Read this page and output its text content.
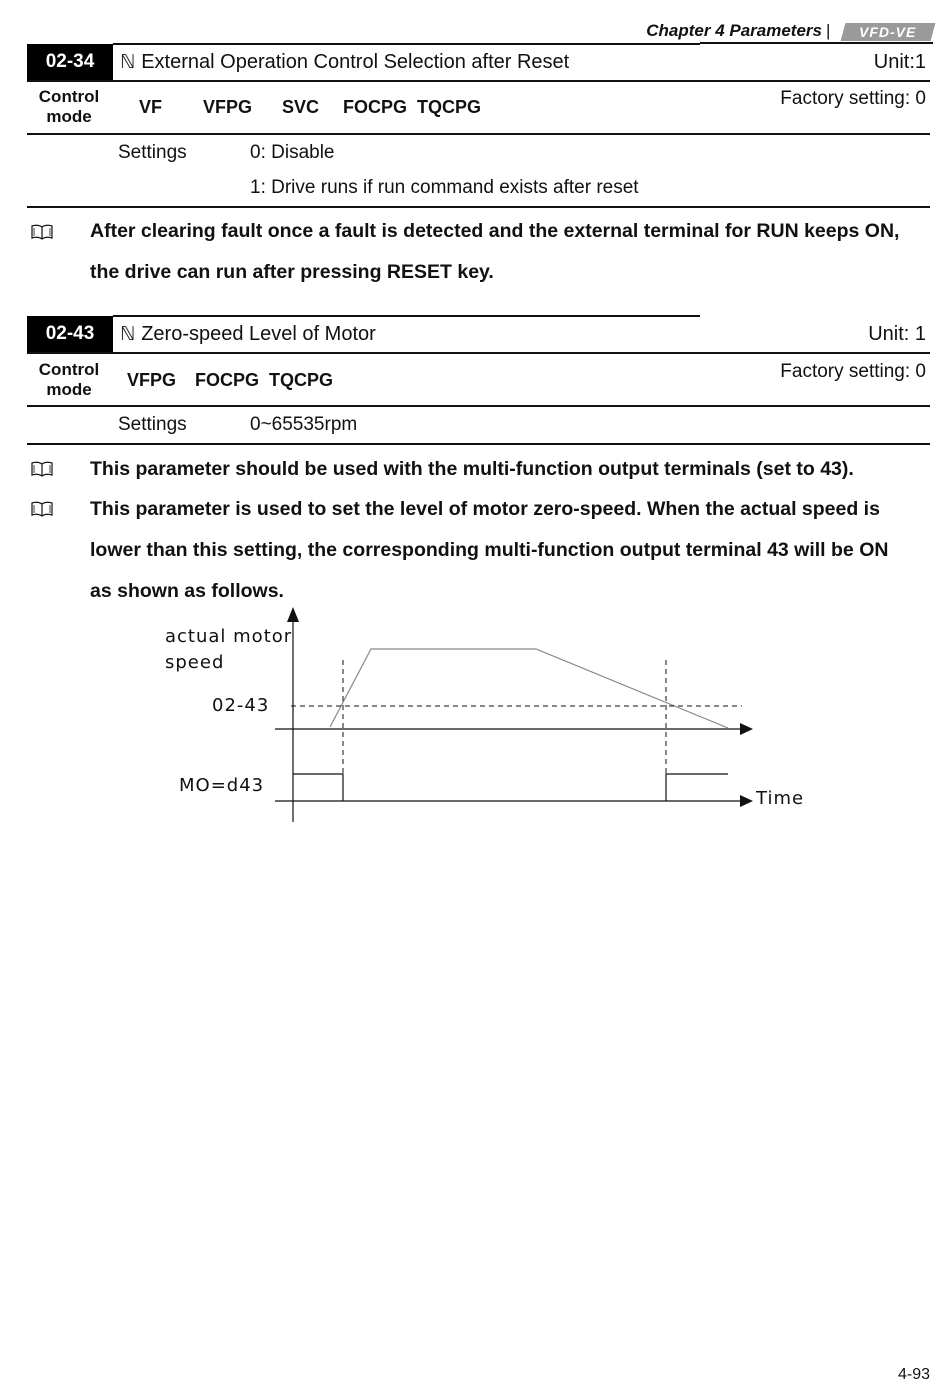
Chapter 4 Parameters | VFD-VE
02-34	ℕ External Operation Control Selection after Reset	Unit:1
Control
mode	VF VFPG SVC FOCPG TQCPG	Factory setting: 0
Settings	0: Disable
1: Drive runs if run command exists after reset
After clearing fault once a fault is detected and the external terminal for RUN keeps ON,
the drive can run after pressing RESET key.
02-43	ℕ Zero-speed Level of Motor	Unit: 1
Control
mode	VFPG FOCPG TQCPG	Factory setting: 0
Settings	0~65535rpm
This parameter should be used with the multi-function output terminals (set to 43).
This parameter is used to set the level of motor zero-speed. When the actual speed is
lower than this setting, the corresponding multi-function output terminal 43 will be ON
as shown as follows.
actual motor
speed
02-43
MO=d43
Time
4-93
